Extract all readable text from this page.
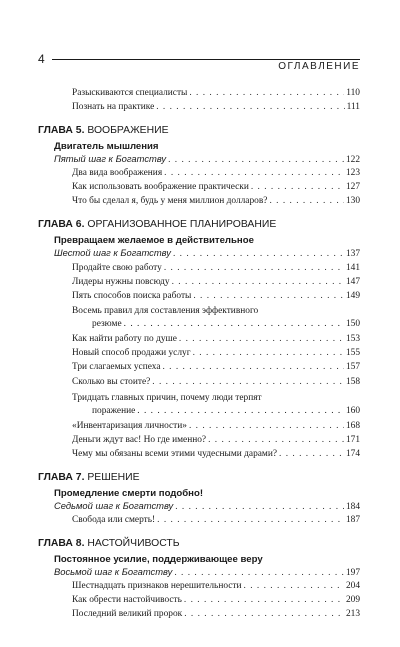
4
ОГЛАВЛЕНИЕ
Разыскиваются специалисты . . .	110
Познать на практике . . .	111
ГЛАВА 5. ВООБРАЖЕНИЕ
Двигатель мышления
Пятый шаг к Богатству . . .	122
Два вида воображения . . .	123
Как использовать воображение практически . . .	127
Что бы сделал я, будь у меня миллион долларов? . . .	130
ГЛАВА 6. ОРГАНИЗОВАННОЕ ПЛАНИРОВАНИЕ
Превращаем желаемое в действительное
Шестой шаг к Богатству . . .	137
Продайте свою работу . . .	141
Лидеры нужны повсюду . . .	147
Пять способов поиска работы . . .	149
Восемь правил для составления эффективного
резюме . . .	150
Как найти работу по душе . . .	153
Новый способ продажи услуг . . .	155
Три слагаемых успеха . . .	157
Сколько вы стоите? . . .	158
Тридцать главных причин, почему люди терпят
поражение . . .	160
«Инвентаризация личности» . . .	168
Деньги ждут вас! Но где именно? . . .	171
Чему мы обязаны всеми этими чудесными дарами? . . .	174
ГЛАВА 7. РЕШЕНИЕ
Промедление смерти подобно!
Седьмой шаг к Богатству . . .	184
Свобода или смерть! . . .	187
ГЛАВА 8. НАСТОЙЧИВОСТЬ
Постоянное усилие, поддерживающее веру
Восьмой шаг к Богатству . . .	197
Шестнадцать признаков нерешительности . . .	204
Как обрести настойчивость . . .	209
Последний великий пророк . . .	213
